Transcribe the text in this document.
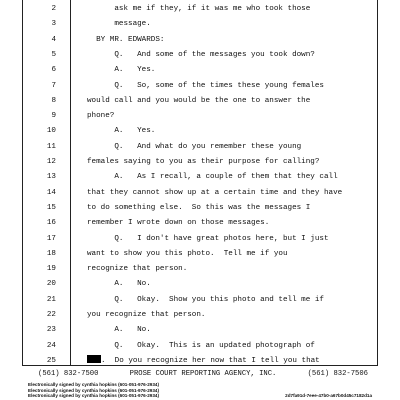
2	ask me if they, if it was me who took those
3	message.
4	BY MR. EDWARDS:
5	Q.   And some of the messages you took down?
6	A.   Yes.
7	Q.   So, some of the times these young females
8	would call and you would be the one to answer the
9	phone?
10	A.   Yes.
11	Q.   And what do you remember these young
12	females saying to you as their purpose for calling?
13	A.   As I recall, a couple of them that they call
14	that they cannot show up at a certain time and they have
15	to do something else.  So this was the messages I
16	remember I wrote down on those messages.
17	Q.   I don't have great photos here, but I just
18	want to show you this photo.  Tell me if you
19	recognize that person.
20	A.   No.
21	Q.   Okay.  Show you this photo and tell me if
22	you recognize that person.
23	A.   No.
24	Q.   Okay.  This is an updated photograph of
25	.  Do you recognize her now that I tell you that
(561) 832-7500	PROSE COURT REPORTING AGENCY, INC.	(561) 832-7506
Electronically signed by cynthia hopkins (601-051-976-2934)
Electronically signed by cynthia hopkins (601-051-976-2934)
Electronically signed by cynthia hopkins (601-051-976-2934)	2d7fa91d-7eee-47b0-a67b0d45c7182d1a
